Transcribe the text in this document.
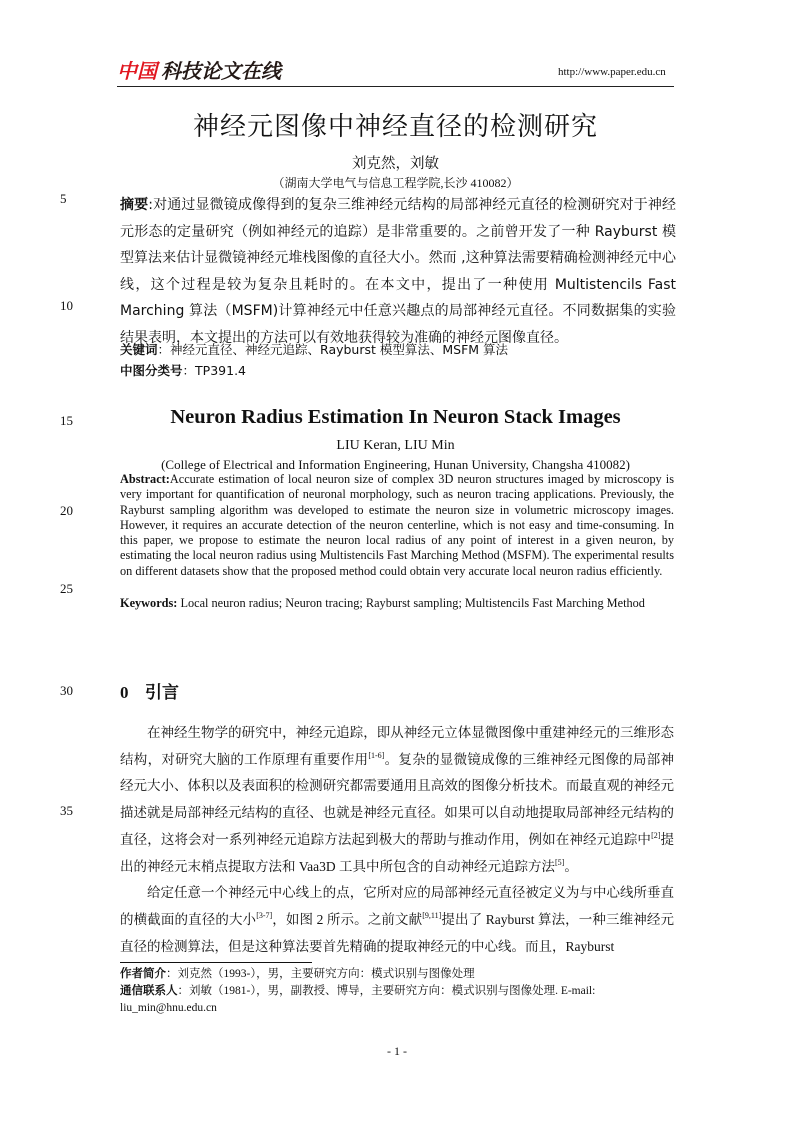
中国 科技论文在线	http://www.paper.edu.cn
神经元图像中神经直径的检测研究
刘克然，刘敏
（湖南大学电气与信息工程学院,长沙 410082）
5
10
15
20
25
30
35
摘要:对通过显微镜成像得到的复杂三维神经元结构的局部神经元直径的检测研究对于神经元形态的定量研究（例如神经元的追踪）是非常重要的。之前曾开发了一种 Rayburst 模型算法来估计显微镜神经元堆栈图像的直径大小。然而 ,这种算法需要精确检测神经元中心线，这个过程是较为复杂且耗时的。在本文中，提出了一种使用 Multistencils Fast Marching 算法（MSFM)计算神经元中任意兴趣点的局部神经元直径。不同数据集的实验结果表明，本文提出的方法可以有效地获得较为准确的神经元图像直径。
关键词：神经元直径、神经元追踪、Rayburst 模型算法、MSFM 算法
中图分类号：TP391.4
Neuron Radius Estimation In Neuron Stack Images
LIU Keran, LIU Min
(College of Electrical and Information Engineering, Hunan University, Changsha 410082)
Abstract:Accurate estimation of local neuron size of complex 3D neuron structures imaged by microscopy is very important for quantification of neuronal morphology, such as neuron tracing applications. Previously, the Rayburst sampling algorithm was developed to estimate the neuron size in volumetric microscopy images. However, it requires an accurate detection of the neuron centerline, which is not easy and time-consuming. In this paper, we propose to estimate the neuron local radius of any point of interest in a given neuron, by estimating the local neuron radius using Multistencils Fast Marching Method (MSFM). The experimental results on different datasets show that the proposed method could obtain very accurate local neuron radius efficiently.
Keywords: Local neuron radius; Neuron tracing; Rayburst sampling; Multistencils Fast Marching Method
0 引言

在神经生物学的研究中，神经元追踪，即从神经元立体显微图像中重建神经元的三维形态结构，对研究大脑的工作原理有重要作用[1-6]。复杂的显微镜成像的三维神经元图像的局部神经元大小、体积以及表面积的检测研究都需要通用且高效的图像分析技术。而最直观的神经元描述就是局部神经元结构的直径、也就是神经元直径。如果可以自动地提取局部神经元结构的直径，这将会对一系列神经元追踪方法起到极大的帮助与推动作用，例如在神经元追踪中[2]提出的神经元末梢点提取方法和 Vaa3D 工具中所包含的自动神经元追踪方法[5]。

给定任意一个神经元中心线上的点，它所对应的局部神经元直径被定义为与中心线所垂直的横截面的直径的大小[3-7]，如图 2 所示。之前文献[9,11]提出了 Rayburst 算法，一种三维神经元直径的检测算法，但是这种算法要首先精确的提取神经元的中心线。而且，Rayburst

作者简介：刘克然（1993-），男，主要研究方向：模式识别与图像处理
通信联系人：刘敏（1981-），男，副教授、博导，主要研究方向：模式识别与图像处理. E-mail: liu_min@hnu.edu.cn
- 1 -
